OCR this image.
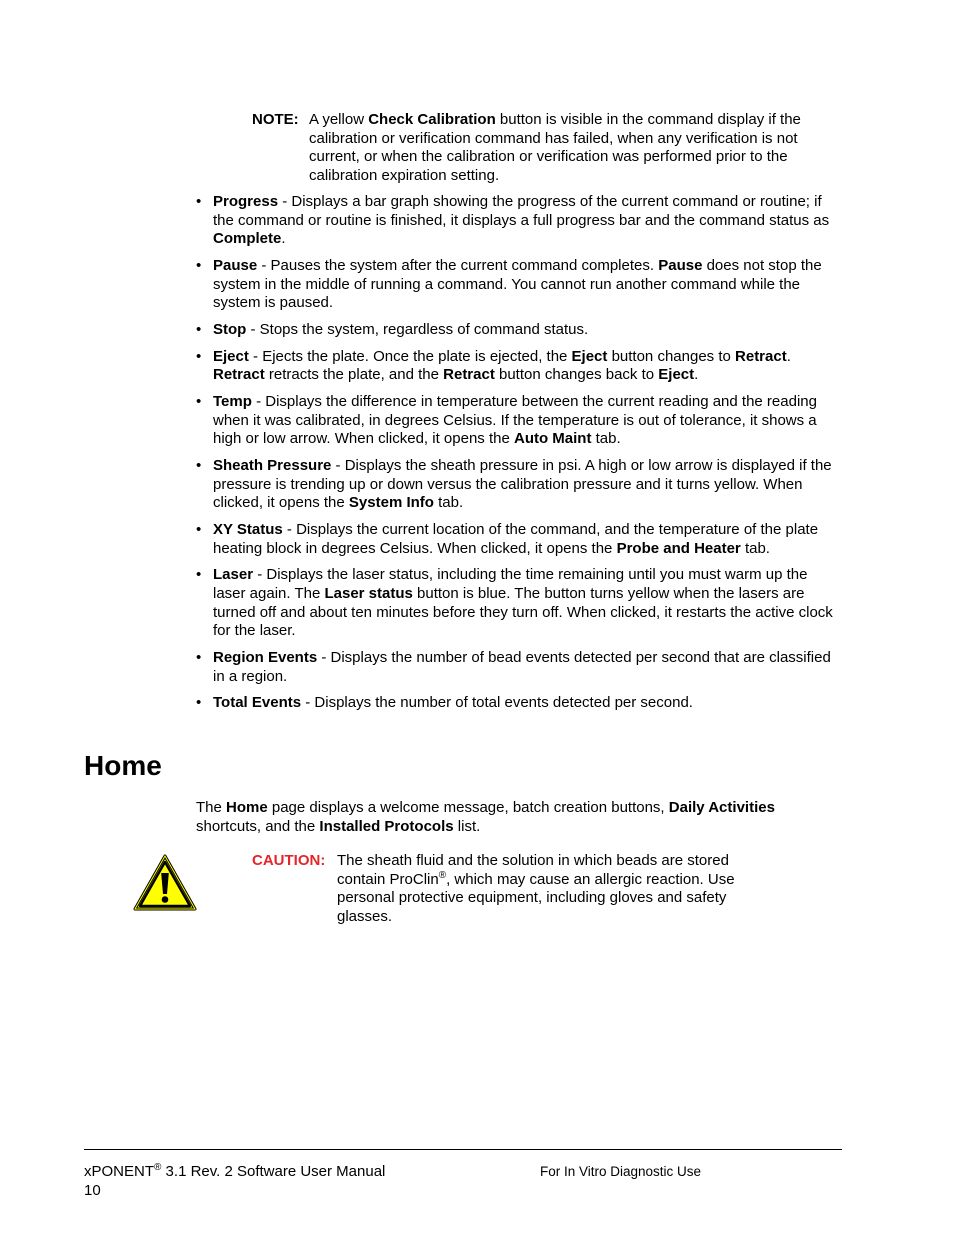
NOTE: A yellow Check Calibration button is visible in the command display if the calibration or verification command has failed, when any verification is not current, or when the calibration or verification was performed prior to the calibration expiration setting.
• Progress - Displays a bar graph showing the progress of the current command or routine; if the command or routine is finished, it displays a full progress bar and the command status as Complete.
• Pause - Pauses the system after the current command completes. Pause does not stop the system in the middle of running a command. You cannot run another command while the system is paused.
• Stop - Stops the system, regardless of command status.
• Eject - Ejects the plate. Once the plate is ejected, the Eject button changes to Retract. Retract retracts the plate, and the Retract button changes back to Eject.
• Temp - Displays the difference in temperature between the current reading and the reading when it was calibrated, in degrees Celsius. If the temperature is out of tolerance, it shows a high or low arrow. When clicked, it opens the Auto Maint tab.
• Sheath Pressure - Displays the sheath pressure in psi. A high or low arrow is displayed if the pressure is trending up or down versus the calibration pressure and it turns yellow. When clicked, it opens the System Info tab.
• XY Status - Displays the current location of the command, and the temperature of the plate heating block in degrees Celsius. When clicked, it opens the Probe and Heater tab.
• Laser - Displays the laser status, including the time remaining until you must warm up the laser again. The Laser status button is blue. The button turns yellow when the lasers are turned off and about ten minutes before they turn off. When clicked, it restarts the active clock for the laser.
• Region Events - Displays the number of bead events detected per second that are classified in a region.
• Total Events - Displays the number of total events detected per second.
Home
The Home page displays a welcome message, batch creation buttons, Daily Activities shortcuts, and the Installed Protocols list.
CAUTION: The sheath fluid and the solution in which beads are stored contain ProClin®, which may cause an allergic reaction. Use personal protective equipment, including gloves and safety glasses.
xPONENT® 3.1 Rev. 2 Software User Manual
10
For In Vitro Diagnostic Use
